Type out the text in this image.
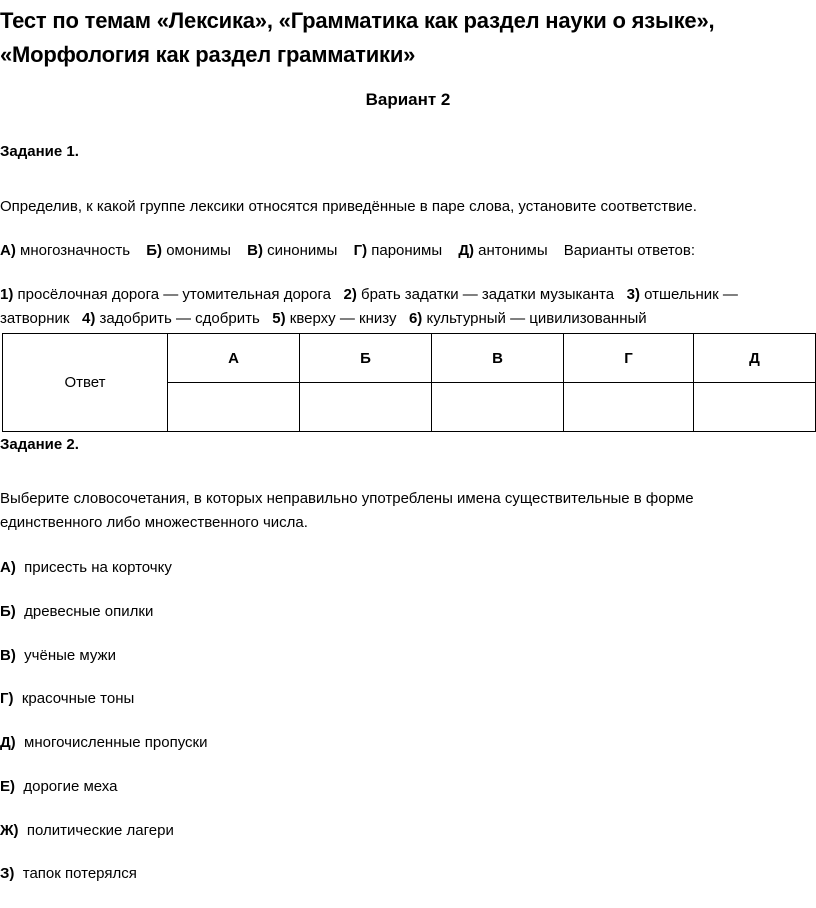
Тест по темам «Лексика», «Грамматика как раздел науки о языке»,
«Морфология как раздел грамматики»
Вариант 2
Задание 1.
Определив, к какой группе лексики относятся приведённые в паре слова, установите соответствие.
А) многозначность Б) омонимы В) синонимы Г) паронимы Д) антонимы Варианты ответов:
1) просёлочная дорога — утомительная дорога 2) брать задатки — задатки музыканта 3) отшельник —
затворник 4) задобрить — сдобрить 5) кверху — книзу 6) культурный — цивилизованный
Ответ	А	Б	В	Г	Д

Задание 2.
Выберите словосочетания, в которых неправильно употреблены имена существительные в форме
единственного либо множественного числа.
А) присесть на корточку
Б) древесные опилки
В) учёные мужи
Г) красочные тоны
Д) многочисленные пропуски
Е) дорогие меха
Ж) политические лагери
З) тапок потерялся
